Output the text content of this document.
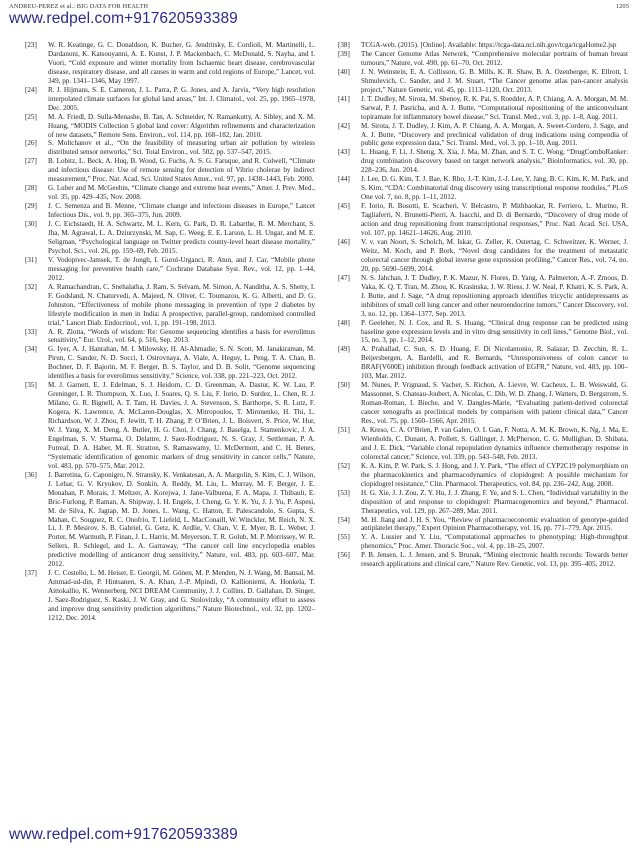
ANDREU-PEREZ et al.: BIG DATA FOR HEALTH	1205
www.redpel.com+917620593389
[23] W. R. Keatinge, G. C. Donaldson, K. Bucher, G. Jendritsky, E. Cordioli, M. Martinelli, L. Dardanoni, K. Katsouyanni, A. E. Kunst, J. P. Mackenbach, C. McDonald, S. Nayha, and I. Vuori, “Cold exposure and winter mortality from Ischaemic heart disease, cerebrovascular disease, respiratory disease, and all causes in warm and cold regions of Europe,” Lancet, vol. 349, pp. 1341–1346, May 1997.
[24] R. J. Hijmans, S. E. Cameron, J. L. Parra, P. G. Jones, and A. Jarvis, “Very high resolution interpolated climate surfaces for global land areas,” Int. J. Climatol., vol. 25, pp. 1965–1978, Dec. 2005.
[25] M. A. Friedl, D. Sulla-Menashe, B. Tan, A. Schneider, N. Ramankutty, A. Sibley, and X. M. Huang, “MODIS Collection 5 global land cover: Algorithm refinements and characterization of new datasets,” Remote Sens. Environ., vol. 114, pp. 168–182, Jan. 2010.
[26] S. Moltchanov et al., “On the feasibility of measuring urban air pollution by wireless distributed sensor networks,” Sci. Total Environ., vol. 502, pp. 537–547, 2015.
[27] B. Lobitz, L. Beck, A. Huq, B. Wood, G. Fuchs, A. S. G. Faruque, and R. Colwell, “Climate and infectious disease: Use of remote sensing for detection of Vibrio cholerae by indirect measurement,” Proc. Nat. Acad. Sci. United States Amer., vol. 97, pp. 1438–1443, Feb. 2000.
[28] G. Luber and M. McGeehin, “Climate change and extreme heat events,” Amer. J. Prev. Med., vol. 35, pp. 429–435, Nov. 2008.
[29] J. C. Semenza and B. Menne, “Climate change and infectious diseases in Europe,” Lancet Infectious Dis., vol. 9, pp. 365–375, Jun. 2009.
[30] J. C. Eichstaedt, H. A. Schwartz, M. L. Kern, G. Park, D. R. Labarthe, R. M. Merchant, S. Jha, M. Agrawal, L. A. Dziurzynski, M. Sap, C. Weeg, E. E. Larson, L. H. Ungar, and M. E. Seligman, “Psychological language on Twitter predicts county-level heart disease mortality,” Psychol. Sci., vol. 26, pp. 159–69, Feb. 2015.
[31] V. Vodopivec-Jamsek, T. de Jongh, I. Gurol-Urganci, R. Atun, and J. Car, “Mobile phone messaging for preventive health care,” Cochrane Database Syst. Rev., vol. 12, pp. 1–44, 2012.
[32] A. Ramachandran, C. Snehalatha, J. Ram, S. Selvam, M. Simon, A. Nanditha, A. S. Shetty, I. F. Godsland, N. Chaturvedi, A. Majeed, N. Oliver, C. Toumazou, K. G. Alberti, and D. G. Johnston, “Effectiveness of mobile phone messaging in prevention of type 2 diabetes by lifestyle modification in men in India: A prospective, parallel-group, randomised controlled trial,” Lancet Diab. Endocrinol., vol. 1, pp. 191–198, 2013.
[33] A. R. Zlotta, “Words of wisdom: Re: Genome sequencing identifies a basis for everolimus sensitivity,” Eur. Urol., vol. 64, p. 516, Sep. 2013.
[34] G. Iyer, A. J. Hanrahan, M. I. Milowsky, H. Al-Ahmadie, S. N. Scott, M. Janakiraman, M. Pirun, C. Sander, N. D. Socci, I. Ostrovnaya, A. Viale, A. Heguy, L. Peng, T. A. Chan, B. Bochner, D. F. Bajorin, M. F. Berger, B. S. Taylor, and D. B. Solit, “Genome sequencing identifies a basis for everolimus sensitivity,” Science, vol. 338, pp. 221–223, Oct. 2012.
[35] M. J. Garnett, E. J. Edelman, S. J. Heidorn, C. D. Greenman, A. Dastur, K. W. Lau, P. Greninger, I. R. Thompson, X. Luo, J. Soares, Q. S. Liu, F. Iorio, D. Surdez, L. Chen, R. J. Milano, G. R. Bignell, A. T. Tam, H. Davies, J. A. Stevenson, S. Barthorpe, S. R. Lutz, F. Kogera, K. Lawrence, A. McLaren-Douglas, X. Mitropoulos, T. Mironenko, H. Thi, L. Richardson, W. J. Zhou, F. Jewitt, T. H. Zhang, P. O’Brien, J. L. Boisvert, S. Price, W. Hur, W. J. Yang, X. M. Deng, A. Butler, H. G. Choi, J. Chang, J. Baselga, I. Stamenkovic, J. A. Engelman, S. V. Sharma, O. Delattre, J. Saez-Rodriguez, N. S. Gray, J. Settleman, P. A. Futreal, D. A. Haber, M. R. Stratton, S. Ramaswamy, U. McDermott, and C. H. Benes, “Systematic identification of genomic markers of drug sensitivity in cancer cells,” Nature, vol. 483, pp. 570–575, Mar. 2012.
[36] J. Barretina, G. Caponigro, N. Stransky, K. Venkatesan, A. A. Margolin, S. Kim, C. J. Wilson, J. Lehar, G. V. Kryukov, D. Sonkin, A. Reddy, M. Liu, L. Murray, M. F. Berger, J. E. Monahan, P. Morais, J. Meltzer, A. Korejwa, J. Jane-Valbuena, F. A. Mapa, J. Thibault, E. Bric-Furlong, P. Raman, A. Shipway, I. H. Engels, J. Cheng, G. Y. K. Yu, J. J. Yu, P. Aspesi, M. de Silva, K. Jagtap, M. D. Jones, L. Wang, C. Hatton, E. Palescandolo, S. Gupta, S. Mahan, C. Sougnez, R. C. Onofrio, T. Liefeld, L. MacConaill, W. Winckler, M. Reich, N. X. Li, J. P. Mesirov, S. B. Gabriel, G. Getz, K. Ardlie, V. Chan, V. E. Myer, B. L. Weber, J. Porter, M. Warmuth, P. Finan, J. L. Harris, M. Meyerson, T. R. Golub, M. P. Morrissey, W. R. Sellers, R. Schlegel, and L. A. Garraway, “The cancer cell line encyclopedia enables predictive modelling of anticancer drug sensitivity,” Nature, vol. 483, pp. 603–607, Mar. 2012.
[37] J. C. Costello, L. M. Heiser, E. Georgii, M. Gönen, M. P. Menden, N. J. Wang, M. Bansal, M. Ammad-ud-din, P. Hintsanen, S. A. Khan, J.-P. Mpindi, O. Kallioniemi, A. Honkela, T. Aittokallio, K. Wennerberg, NCI DREAM Community, J. J. Collins, D. Gallahan, D. Singer, J. Saez-Rodriguez, S. Kaski, J. W. Gray, and G. Stolovitzky, “A community effort to assess and improve drug sensitivity prediction algorithms,” Nature Biotechnol., vol. 32, pp. 1202–1212, Dec. 2014.
[38] TCGA-web. (2015). [Online]. Available: https://tcga-data.nci.nih.gov/tcga/tcgaHome2.jsp
[39] The Cancer Genome Atlas Network, “Comprehensive molecular portraits of human breast tumours,” Nature, vol. 490, pp. 61–70, Oct. 2012.
[40] J. N. Weinstein, E. A. Collisson, G. B. Mills, K. R. Shaw, B. A. Ozenberger, K. Ellrott, I. Shmulevich, C. Sander, and J. M. Stuart, “The Cancer genome atlas pan-cancer analysis project,” Nature Genetic, vol. 45, pp. 1113–1120, Oct. 2013.
[41] J. T. Dudley, M. Sirota, M. Shenoy, R. K. Pai, S. Roedder, A. P. Chiang, A. A. Morgan, M. M. Sarwal, P. J. Pasricha, and A. J. Butte, “Computational repositioning of the anticonvulsant topiramate for inflammatory bowel disease,” Sci. Transl. Med., vol. 3, pp. 1–8, Aug. 2011.
[42] M. Sirota, J. T. Dudley, J. Kim, A. P. Chiang, A. A. Morgan, A. Sweet-Cordero, J. Sage, and A. J. Butte, “Discovery and preclinical validation of drug indications using compendia of public gene expression data,” Sci. Transl. Med., vol. 3, pp. 1–10, Aug. 2011.
[43] L. Huang, F. Li, J. Sheng, X. Xia, J. Ma, M. Zhan, and S. T. C. Wong, “DrugComboRanker: drug combination discovery based on target network analysis,” Bioinformatics, vol. 30, pp. 228–236, Jun. 2014.
[44] J. Lee, D. G. Kim, T. J. Bae, K. Rho, J.-T. Kim, J.-J. Lee, Y. Jang, B. C. Kim, K. M. Park, and S. Kim, “CDA: Combinatorial drug discovery using transcriptional response modules,” PLoS One vol. 7, no. 8, pp. 1–11, 2012.
[45] F. Iorio, R. Bosotti, E. Scacheri, V. Belcastro, P. Mithbaokar, R. Ferriero, L. Murino, R. Tagliaferri, N. Brunetti-Pierri, A. Isacchi, and D. di Bernardo, “Discovery of drug mode of action and drug repositioning from transcriptional responses,” Proc. Natl. Acad. Sci. USA, vol. 107, pp. 14621–14626, Aug. 2010.
[46] V. v. van Noort, S. Scholch, M. Iskar, G. Zeller, K. Ostertag, C. Schweitzer, K. Werner, J. Weitz, M. Koch, and P. Bork, “Novel drug candidates for the treatment of metastatic colorectal cancer through global inverse gene expression profiling,” Cancer Res., vol. 74, no. 20, pp. 5690–5699, 2014.
[47] N. S. Jahchan, J. T. Dudley, P. K. Mazur, N. Flores, D. Yang, A. Palmerton, A.-F. Zmoos, D. Vaka, K. Q. T. Tran, M. Zhou, K. Krasinska, J. W. Riess, J. W. Neal, P. Khatri, K. S. Park, A. J. Butte, and J. Sage, “A drug repositioning approach identifies tricyclic antidepressants as inhibitors of small cell lung cancer and other neuroendocrine tumors,” Cancer Discovery, vol. 3, no. 12, pp. 1364–1377, Sep. 2013.
[48] P. Geeleher, N. J. Cox, and R. S. Huang, “Clinical drug response can be predicted using baseline gene expression levels and in vitro drug sensitivity in cell lines,” Genome Biol., vol. 15, no. 3, pp. 1–12, 2014.
[49] A. Prahallad, C. Sun, S. D. Huang, F. Di Nicolantonio, R. Salazar, D. Zecchin, R. L. Beijersbergen, A. Bardelli, and R. Bernards, “Unresponsiveness of colon cancer to BRAF(V600E) inhibition through feedback activation of EGFR,” Nature, vol. 483, pp. 100–103, Mar. 2012.
[50] M. Nunes, P. Vrignaud, S. Vacher, S. Richon, A. Lievre, W. Cacheux, L. B. Weiswald, G. Massonnet, S. Chateau-Joubert, A. Nicolas, C. Dib, W. D. Zhang, J. Watters, D. Bergstrom, S. Roman-Roman, I. Bieche, and V. Dangles-Marie, “Evaluating patient-derived colorectal cancer xenografts as preclinical models by comparison with patient clinical data,” Cancer Res., vol. 75, pp. 1560–1566, Apr. 2015.
[51] A. Kreso, C. A. O’Brien, P. van Galen, O. I. Gan, F. Notta, A. M. K. Brown, K. Ng, J. Ma, E. Wienholds, C. Dunant, A. Pollett, S. Gallinger, J. McPherson, C. G. Mullighan, D. Shibata, and J. E. Dick, “Variable clonal repopulation dynamics influence chemotherapy response in colorectal cancer,” Science, vol. 339, pp. 543–548, Feb. 2013.
[52] K. A. Kim, P. W. Park, S. J. Hong, and J. Y. Park, “The effect of CYP2C19 polymorphism on the pharmacokinetics and pharmacodynamics of clopidogrel: A possible mechanism for clopidogrel resistance,” Clin. Pharmacol. Therapeutics, vol. 84, pp. 236–242, Aug. 2008.
[53] H. G. Xie, J. J. Zou, Z. Y. Hu, J. J. Zhang, F. Ye, and S. L. Chen, “Individual variability in the disposition of and response to clopidogrel: Pharmacogenomics and beyond,” Pharmacol. Therapeutics, vol. 129, pp. 267–289, Mar. 2011.
[54] M. H. Jiang and J. H. S. You, “Review of pharmacoeconomic evaluation of genotype-guided antiplatelet therapy,” Expert Opinion Pharmacotherapy, vol. 16, pp. 771–779, Apr. 2015.
[55] Y. A. Lussier and Y. Liu, “Computational approaches to phenotyping: High-throughput phenomics,” Proc. Amer. Thoracic Soc., vol. 4, pp. 18–25, 2007.
[56] P. B. Jensen, L. J. Jensen, and S. Brunak, “Mining electronic health records: Towards better research applications and clinical care,” Nature Rev. Genetic, vol. 13, pp. 395–405, 2012.
www.redpel.com+917620593389
